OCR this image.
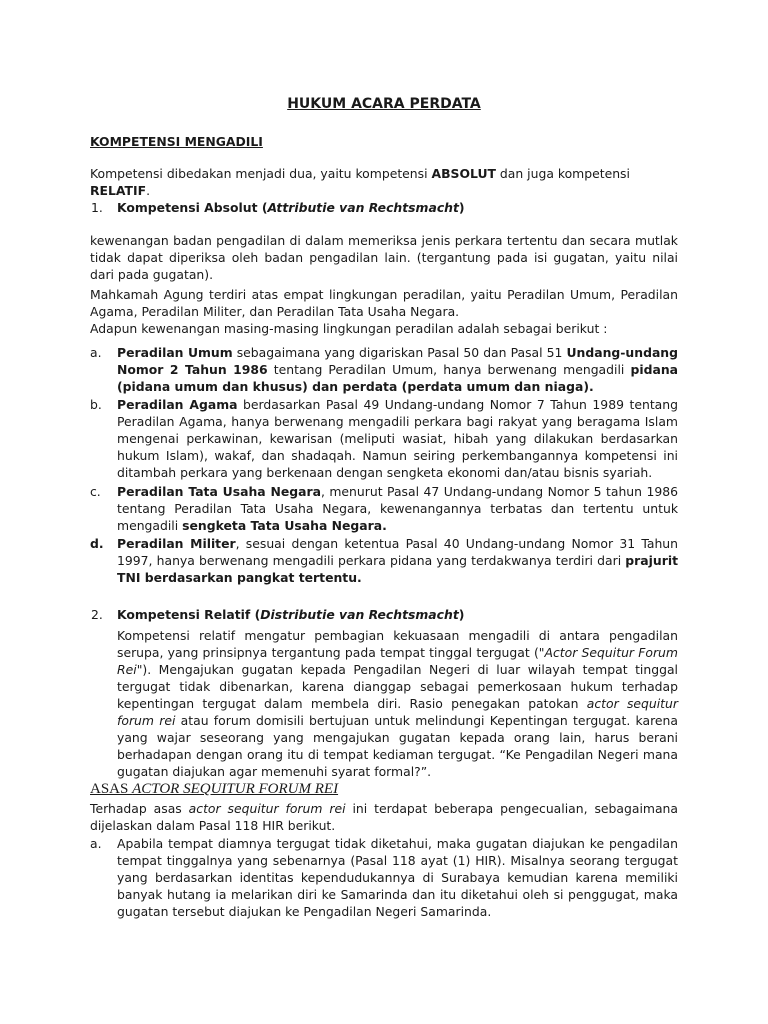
HUKUM ACARA PERDATA

KOMPETENSI MENGADILI

Kompetensi dibedakan menjadi dua, yaitu kompetensi ABSOLUT dan juga kompetensi RELATIF.

1.	Kompetensi Absolut (Attributie van Rechtsmacht)

kewenangan badan pengadilan di dalam memeriksa jenis perkara tertentu dan secara mutlak tidak dapat diperiksa oleh badan pengadilan lain. (tergantung pada isi gugatan, yaitu nilai dari pada gugatan).

Mahkamah Agung terdiri atas empat lingkungan peradilan, yaitu Peradilan Umum, Peradilan Agama, Peradilan Militer, dan Peradilan Tata Usaha Negara.

Adapun kewenangan masing-masing lingkungan peradilan adalah sebagai berikut :

a.	Peradilan Umum sebagaimana yang digariskan Pasal 50 dan Pasal 51 Undang-undang Nomor 2 Tahun 1986 tentang Peradilan Umum, hanya berwenang mengadili pidana (pidana umum dan khusus) dan perdata (perdata umum dan niaga).
b.	Peradilan Agama berdasarkan Pasal 49 Undang-undang Nomor 7 Tahun 1989 tentang Peradilan Agama, hanya berwenang mengadili perkara bagi rakyat yang beragama Islam mengenai perkawinan, kewarisan (meliputi wasiat, hibah yang dilakukan berdasarkan hukum Islam), wakaf, dan shadaqah. Namun seiring perkembangannya kompetensi ini ditambah perkara yang berkenaan dengan sengketa ekonomi dan/atau bisnis syariah.
c.	Peradilan Tata Usaha Negara, menurut Pasal 47 Undang-undang Nomor 5 tahun 1986 tentang Peradilan Tata Usaha Negara, kewenangannya terbatas dan tertentu untuk mengadili sengketa Tata Usaha Negara.
d.	Peradilan Militer, sesuai dengan ketentua Pasal 40 Undang-undang Nomor 31 Tahun 1997, hanya berwenang mengadili perkara pidana yang terdakwanya terdiri dari prajurit TNI berdasarkan pangkat tertentu.
2.	Kompetensi Relatif (Distributie van Rechtsmacht)

Kompetensi relatif mengatur pembagian kekuasaan mengadili di antara pengadilan serupa, yang prinsipnya tergantung pada tempat tinggal tergugat ("Actor Sequitur Forum Rei"). Mengajukan gugatan kepada Pengadilan Negeri di luar wilayah tempat tinggal tergugat tidak dibenarkan, karena dianggap sebagai pemerkosaan hukum terhadap kepentingan tergugat dalam membela diri. Rasio penegakan patokan actor sequitur forum rei atau forum domisili bertujuan untuk melindungi Kepentingan tergugat. karena yang wajar seseorang yang mengajukan gugatan kepada orang lain, harus berani berhadapan dengan orang itu di tempat kediaman tergugat. “Ke Pengadilan Negeri mana gugatan diajukan agar memenuhi syarat formal?”.

ASAS ACTOR SEQUITUR FORUM REI

Terhadap asas actor sequitur forum rei ini terdapat beberapa pengecualian, sebagaimana dijelaskan dalam Pasal 118 HIR berikut.

a.	Apabila tempat diamnya tergugat tidak diketahui, maka gugatan diajukan ke pengadilan tempat tinggalnya yang sebenarnya (Pasal 118 ayat (1) HIR). Misalnya seorang tergugat yang berdasarkan identitas kependudukannya di Surabaya kemudian karena memiliki banyak hutang ia melarikan diri ke Samarinda dan itu diketahui oleh si penggugat, maka gugatan tersebut diajukan ke Pengadilan Negeri Samarinda.
